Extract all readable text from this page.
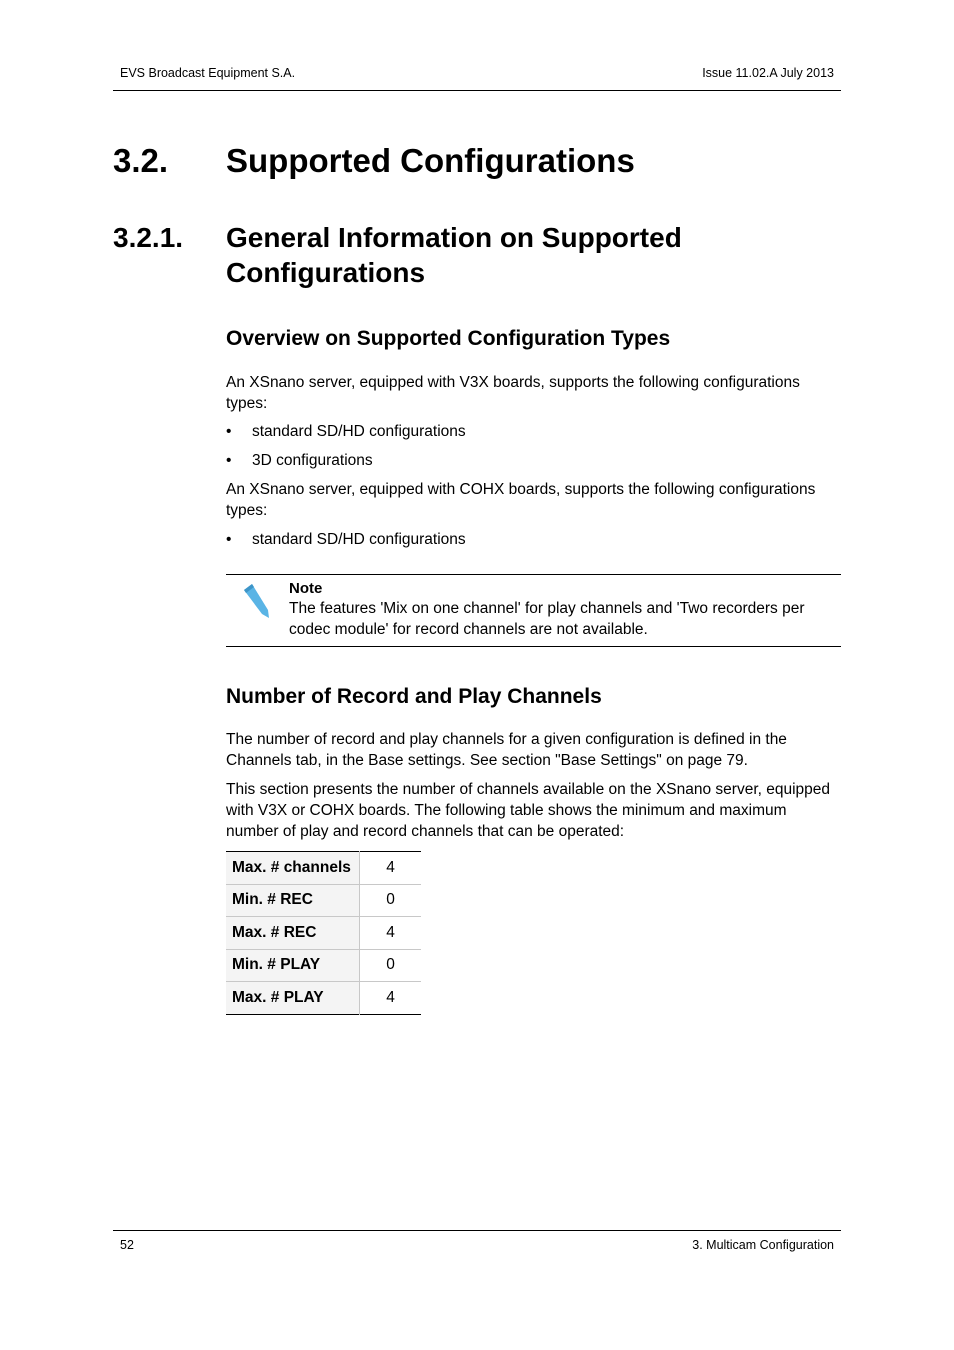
EVS Broadcast Equipment S.A.	Issue 11.02.A July 2013
3.2. Supported Configurations
3.2.1. General Information on Supported Configurations
Overview on Supported Configuration Types
An XSnano server, equipped with V3X boards, supports the following configurations types:
• standard SD/HD configurations
• 3D configurations
An XSnano server, equipped with COHX boards, supports the following configurations types:
• standard SD/HD configurations
Note
The features 'Mix on one channel' for play channels and 'Two recorders per codec module' for record channels are not available.
Number of Record and Play Channels
The number of record and play channels for a given configuration is defined in the Channels tab, in the Base settings. See section "Base Settings" on page 79.
This section presents the number of channels available on the XSnano server, equipped with V3X or COHX boards. The following table shows the minimum and maximum number of play and record channels that can be operated:
Max. # channels	4
Min. # REC	0
Max. # REC	4
Min. # PLAY	0
Max. # PLAY	4
52	3. Multicam Configuration
